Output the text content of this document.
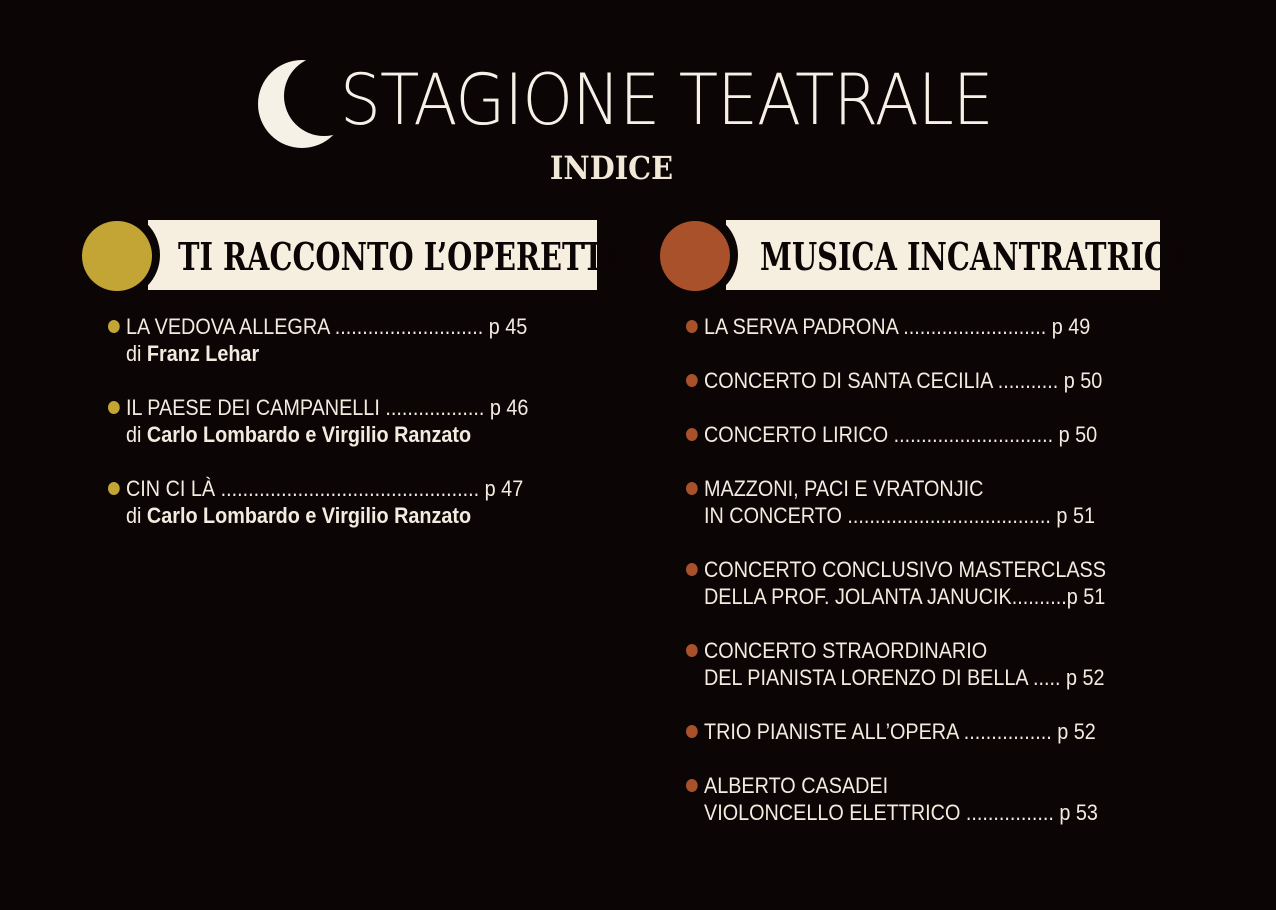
STAGIONE TEATRALE
INDICE
TI RACCONTO L’OPERETTA	MUSICA INCANTRATRICE
LA VEDOVA ALLEGRA ........................... p 45
di Franz Lehar
IL PAESE DEI CAMPANELLI .................. p 46
di Carlo Lombardo e Virgilio Ranzato
CIN CI LÀ ............................................... p 47
di Carlo Lombardo e Virgilio Ranzato
LA SERVA PADRONA .......................... p 49
CONCERTO DI SANTA CECILIA ........... p 50
CONCERTO LIRICO ............................. p 50
MAZZONI, PACI E VRATONJIC
IN CONCERTO ..................................... p 51
CONCERTO CONCLUSIVO MASTERCLASS
DELLA PROF. JOLANTA JANUCIK..........p 51
CONCERTO STRAORDINARIO
DEL PIANISTA LORENZO DI BELLA ..... p 52
TRIO PIANISTE ALL’OPERA ................ p 52
ALBERTO CASADEI
VIOLONCELLO ELETTRICO ................ p 53
